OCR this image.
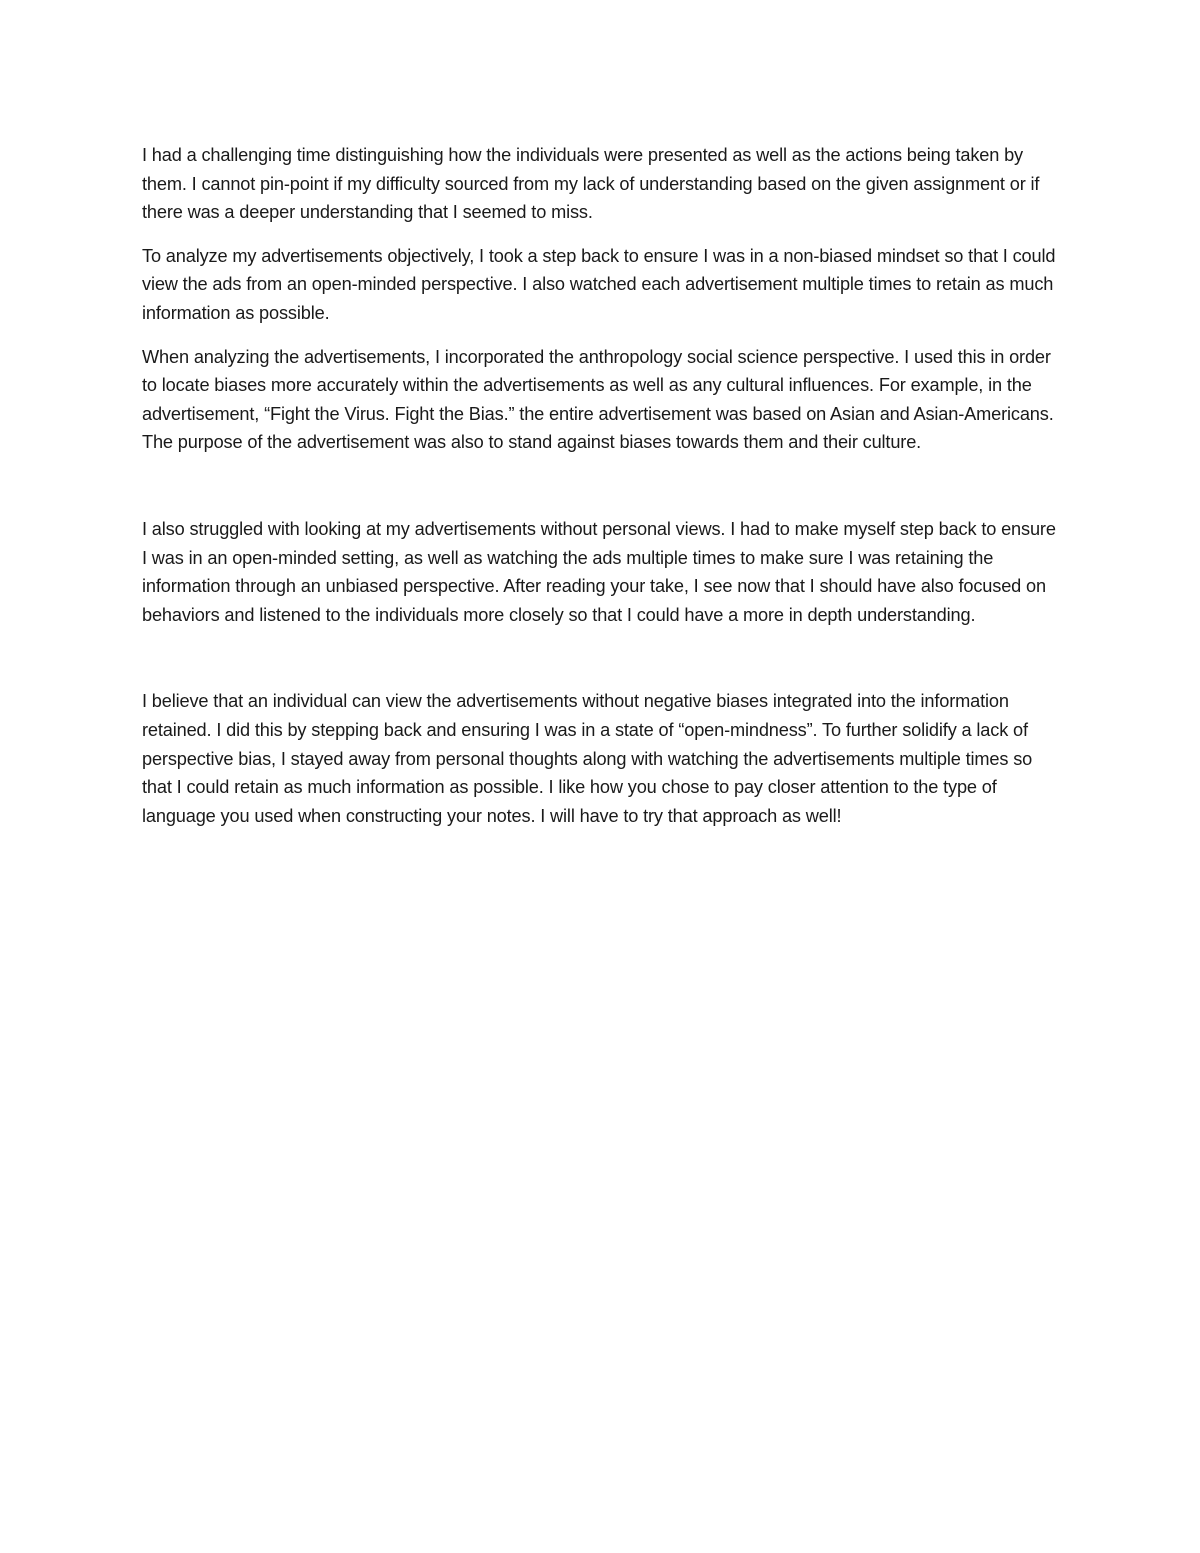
I had a challenging time distinguishing how the individuals were presented as well as the actions being taken by them. I cannot pin-point if my difficulty sourced from my lack of understanding based on the given assignment or if there was a deeper understanding that I seemed to miss.

To analyze my advertisements objectively, I took a step back to ensure I was in a non-biased mindset so that I could view the ads from an open-minded perspective. I also watched each advertisement multiple times to retain as much information as possible.

When analyzing the advertisements, I incorporated the anthropology social science perspective. I used this in order to locate biases more accurately within the advertisements as well as any cultural influences. For example, in the advertisement, “Fight the Virus. Fight the Bias.” the entire advertisement was based on Asian and Asian-Americans. The purpose of the advertisement was also to stand against biases towards them and their culture.

I also struggled with looking at my advertisements without personal views. I had to make myself step back to ensure I was in an open-minded setting, as well as watching the ads multiple times to make sure I was retaining the information through an unbiased perspective. After reading your take, I see now that I should have also focused on behaviors and listened to the individuals more closely so that I could have a more in depth understanding.

I believe that an individual can view the advertisements without negative biases integrated into the information retained. I did this by stepping back and ensuring I was in a state of “open-mindness”. To further solidify a lack of perspective bias, I stayed away from personal thoughts along with watching the advertisements multiple times so that I could retain as much information as possible. I like how you chose to pay closer attention to the type of language you used when constructing your notes. I will have to try that approach as well!
